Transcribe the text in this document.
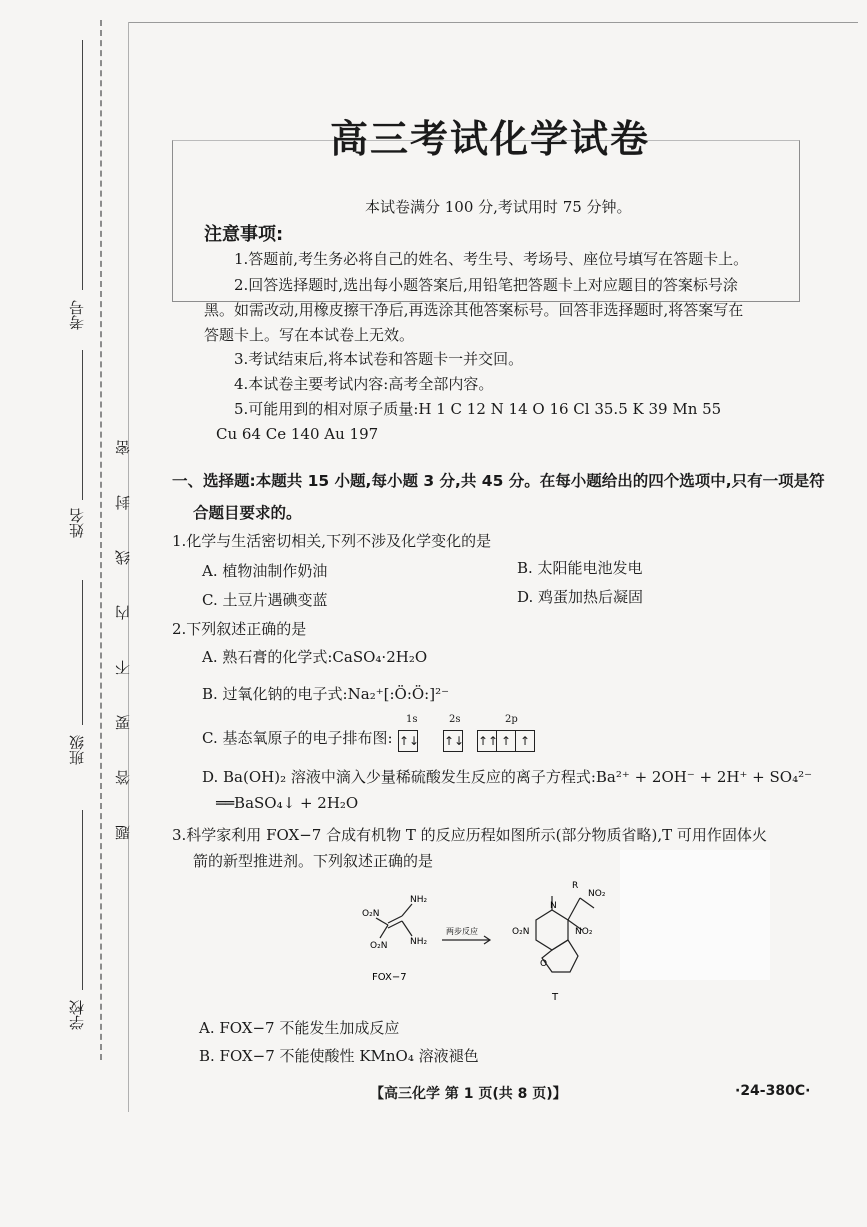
考号
姓名
班级
学校
题答要不内线封密
高三考试化学试卷
本试卷满分 100 分,考试用时 75 分钟。
注意事项:
1.答题前,考生务必将自己的姓名、考生号、考场号、座位号填写在答题卡上。
2.回答选择题时,选出每小题答案后,用铅笔把答题卡上对应题目的答案标号涂
黑。如需改动,用橡皮擦干净后,再选涂其他答案标号。回答非选择题时,将答案写在
答题卡上。写在本试卷上无效。
3.考试结束后,将本试卷和答题卡一并交回。
4.本试卷主要考试内容:高考全部内容。
5.可能用到的相对原子质量:H 1 C 12 N 14 O 16 Cl 35.5 K 39 Mn 55
Cu 64 Ce 140 Au 197
一、选择题:本题共 15 小题,每小题 3 分,共 45 分。在每小题给出的四个选项中,只有一项是符
合题目要求的。
1.化学与生活密切相关,下列不涉及化学变化的是
A. 植物油制作奶油	B. 太阳能电池发电
C. 土豆片遇碘变蓝	D. 鸡蛋加热后凝固
2.下列叙述正确的是
A. 熟石膏的化学式:CaSO₄·2H₂O
B. 过氧化钠的电子式:Na₂⁺[:Ö:Ö:]²⁻
C. 基态氧原子的电子排布图:
1s	2s	2p
↑↓ ↑↓ ↑↑ ↑ ↑
D. Ba(OH)₂ 溶液中滴入少量稀硫酸发生反应的离子方程式:Ba²⁺ + 2OH⁻ + 2H⁺ + SO₄²⁻
══BaSO₄↓ + 2H₂O
3.科学家利用 FOX−7 合成有机物 T 的反应历程如图所示(部分物质省略),T 可用作固体火
箭的新型推进剂。下列叙述正确的是
O₂N
O₂N
NH₂
NH₂
FOX−7
两步反应
R
NO₂
NO₂
O₂N
N
O
T
A. FOX−7 不能发生加成反应
B. FOX−7 不能使酸性 KMnO₄ 溶液褪色
【高三化学 第 1 页(共 8 页)】	·24-380C·
